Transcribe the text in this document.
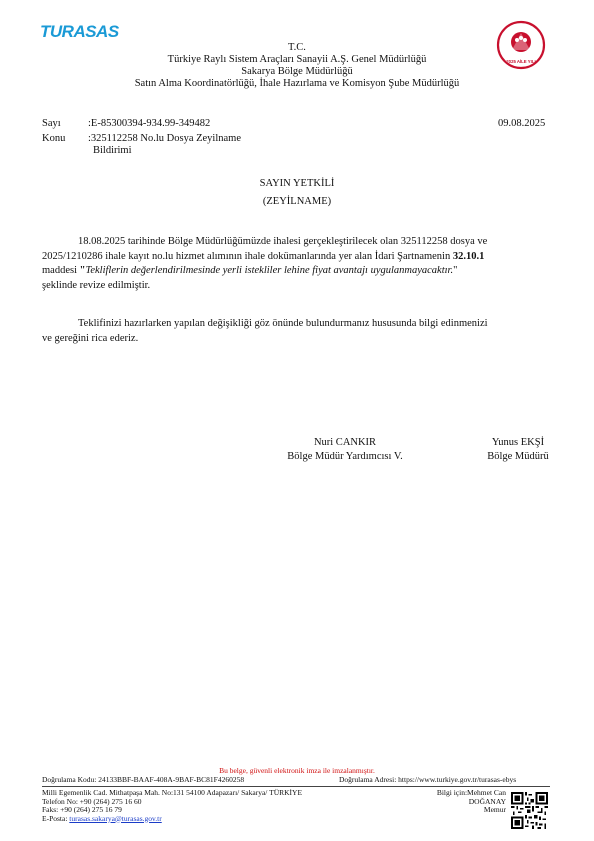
TURASAS
2025 AİLE YILI
T.C.
Türkiye Raylı Sistem Araçları Sanayii A.Ş. Genel Müdürlüğü
Sakarya Bölge Müdürlüğü
Satın Alma Koordinatörlüğü, İhale Hazırlama ve Komisyon Şube Müdürlüğü
Sayı	:E-85300394-934.99-349482	09.08.2025
Konu :325112258 No.lu Dosya Zeyilname
Bildirimi
SAYIN YETKİLİ
(ZEYİLNAME)
18.08.2025 tarihinde Bölge Müdürlüğümüzde ihalesi gerçekleştirilecek olan 325112258 dosya ve
2025/1210286 ihale kayıt no.lu hizmet alımının ihale dokümanlarında yer alan İdari Şartnamenin 32.10.1
maddesi "Tekliflerin değerlendirilmesinde yerli istekliler lehine fiyat avantajı uygulanmayacaktır."
şeklinde revize edilmiştir.
Teklifinizi hazırlarken yapılan değişikliği göz önünde bulundurmanız hususunda bilgi edinmenizi
ve gereğini rica ederiz.
Nuri CANKIR
Bölge Müdür Yardımcısı V.
Yunus EKŞİ
Bölge Müdürü
Bu belge, güvenli elektronik imza ile imzalanmıştır.
Doğrulama Kodu: 24133BBF-BAAF-408A-9BAF-BC81F4260258	Doğrulama Adresi: https://www.turkiye.gov.tr/turasas-ebys
Milli Egemenlik Cad. Mithatpaşa Mah. No:131 54100 Adapazarı/ Sakarya/ TÜRKİYE
Telefon No: +90 (264) 275 16 60
Faks: +90 (264) 275 16 79
E-Posta: turasas.sakarya@turasas.gov.tr
Bilgi için:Mehmet Can
DOĞANAY
Memur
